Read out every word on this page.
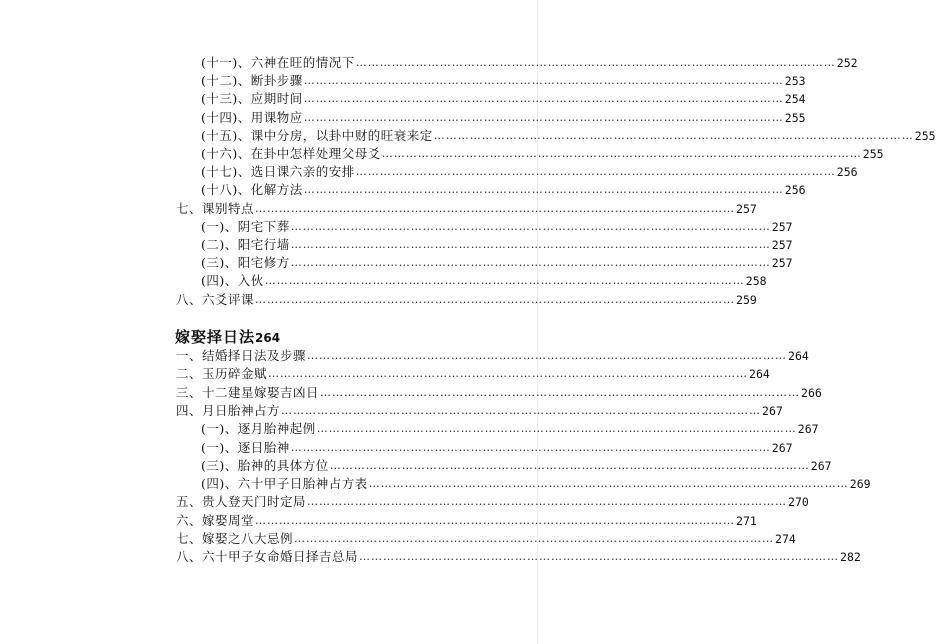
(十一)、六神在旺的情况下 ………………………………………………………………………………………………………… 252
(十二)、断卦步骤 ………………………………………………………………………………………………………… 253
(十三)、应期时间 ………………………………………………………………………………………………………… 254
(十四)、用课物应 ………………………………………………………………………………………………………… 255
(十五)、课中分房，以卦中财的旺衰来定 ………………………………………………………………………………………………………… 255
(十六)、在卦中怎样处理父母爻 ………………………………………………………………………………………………………… 255
(十七)、选日课六亲的安排 ………………………………………………………………………………………………………… 256
(十八)、化解方法 ………………………………………………………………………………………………………… 256
七、课别特点 ………………………………………………………………………………………………………… 257
(一)、阴宅下葬 ………………………………………………………………………………………………………… 257
(二)、阳宅行墙 ………………………………………………………………………………………………………… 257
(三)、阳宅修方 ………………………………………………………………………………………………………… 257
(四)、入伙 ………………………………………………………………………………………………………… 258
八、六爻评课 ………………………………………………………………………………………………………… 259
嫁娶择日法264
一、结婚择日法及步骤 ………………………………………………………………………………………………………… 264
二、玉历碎金赋 ………………………………………………………………………………………………………… 264
三、十二建星嫁娶吉凶日 ………………………………………………………………………………………………………… 266
四、月日胎神占方 ………………………………………………………………………………………………………… 267
(一)、逐月胎神起例 ………………………………………………………………………………………………………… 267
(一)、逐日胎神 ………………………………………………………………………………………………………… 267
(三)、胎神的具体方位 ………………………………………………………………………………………………………… 267
(四)、六十甲子日胎神占方表 ………………………………………………………………………………………………………… 269
五、贵人登天门时定局 ………………………………………………………………………………………………………… 270
六、嫁娶周堂 ………………………………………………………………………………………………………… 271
七、嫁娶之八大忌例 ………………………………………………………………………………………………………… 274
八、六十甲子女命婚日择吉总局 ………………………………………………………………………………………………………… 282
